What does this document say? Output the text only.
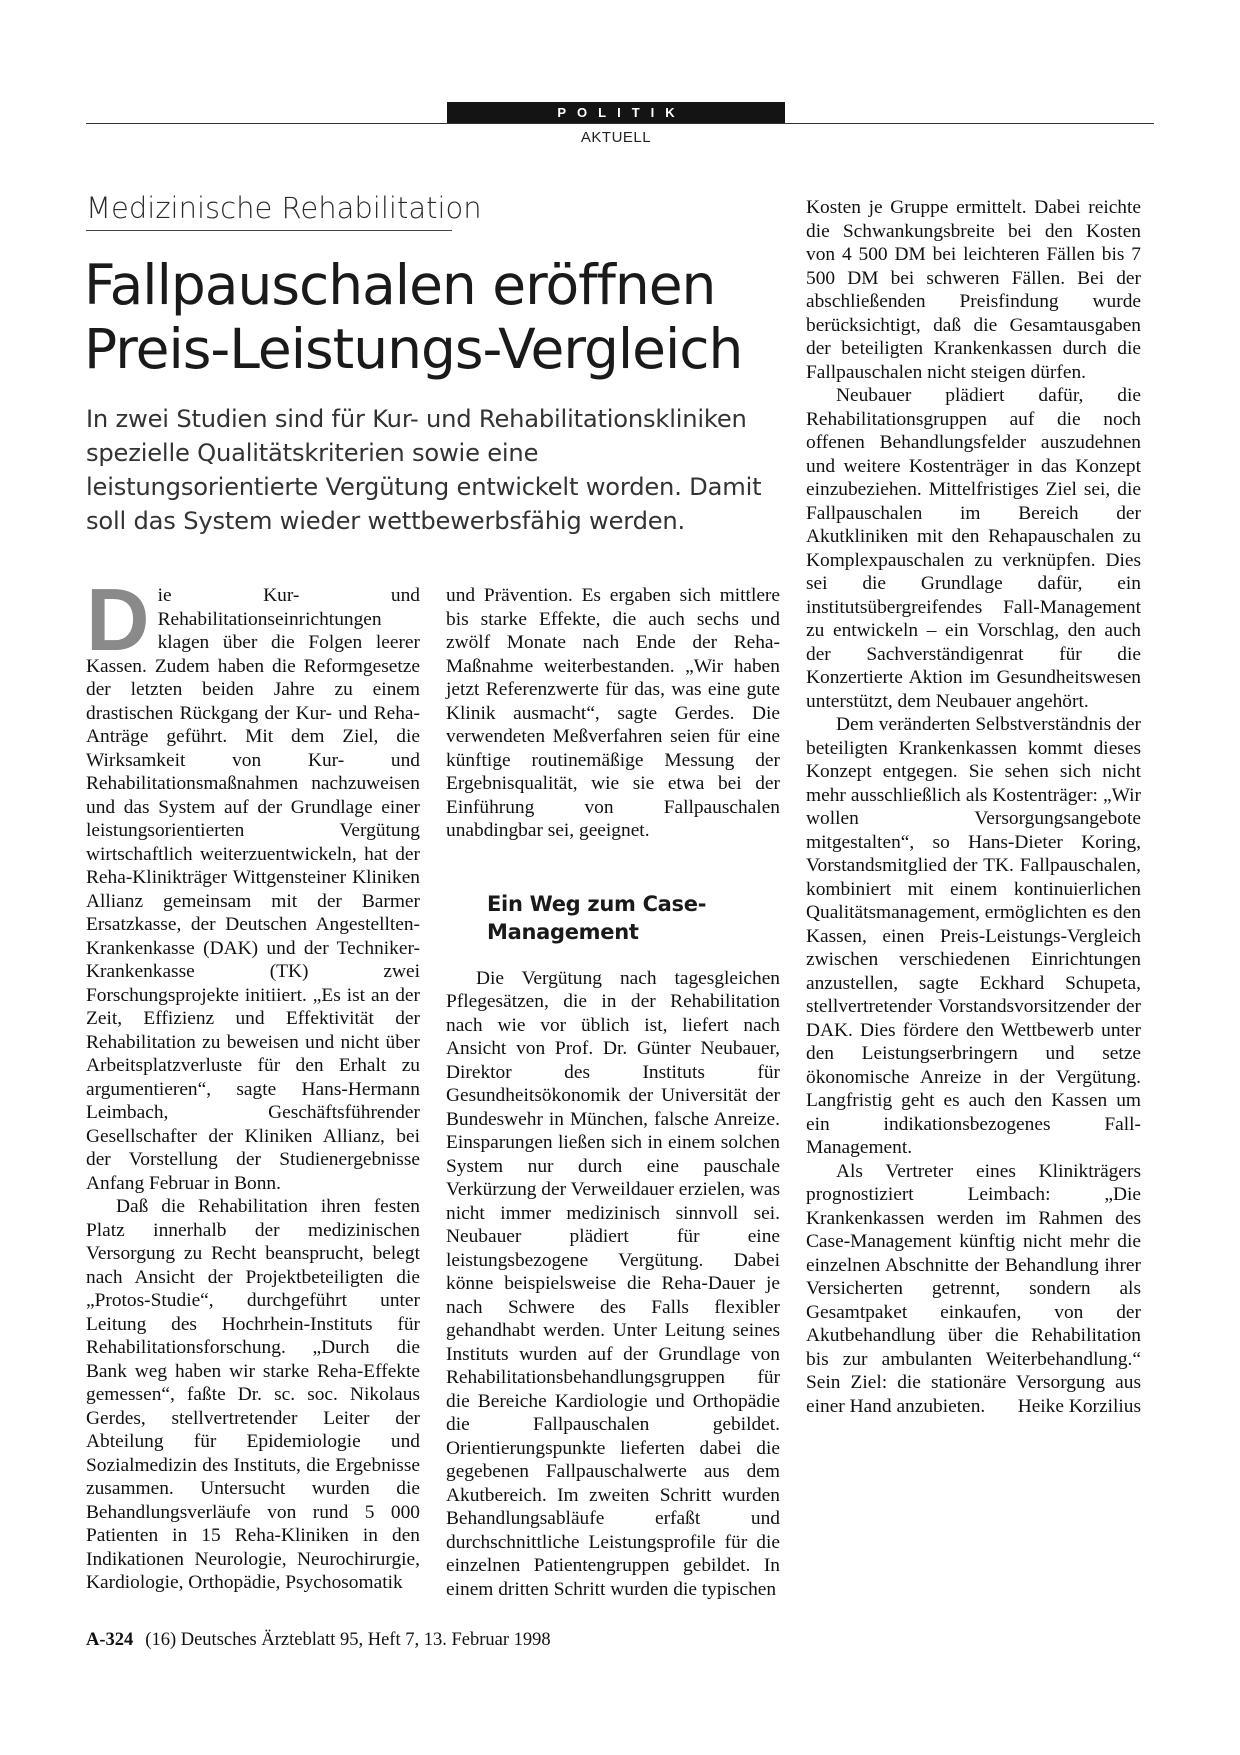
POLITIK
AKTUELL
Medizinische Rehabilitation
Fallpauschalen eröffnen Preis-Leistungs-Vergleich

In zwei Studien sind für Kur- und Rehabilitationskliniken spezielle Qualitätskriterien sowie eine leistungsorientierte Vergütung entwickelt worden. Damit soll das System wieder wettbewerbsfähig werden.

D ie Kur- und Rehabilitationseinrichtungen klagen über die Folgen leerer Kassen. Zudem haben die Reformgesetze der letzten beiden Jahre zu einem drastischen Rückgang der Kur- und Reha-Anträge geführt. Mit dem Ziel, die Wirksamkeit von Kur- und Rehabilitationsmaßnahmen nachzuweisen und das System auf der Grundlage einer leistungsorientierten Vergütung wirtschaftlich weiterzuentwickeln, hat der Reha-Klinikträger Wittgensteiner Kliniken Allianz gemeinsam mit der Barmer Ersatzkasse, der Deutschen Angestellten-Krankenkasse (DAK) und der Techniker-Krankenkasse (TK) zwei Forschungsprojekte initiiert. „Es ist an der Zeit, Effizienz und Effektivität der Rehabilitation zu beweisen und nicht über Arbeitsplatzverluste für den Erhalt zu argumentieren“, sagte Hans-Hermann Leimbach, Geschäftsführender Gesellschafter der Kliniken Allianz, bei der Vorstellung der Studienergebnisse Anfang Februar in Bonn.

Daß die Rehabilitation ihren festen Platz innerhalb der medizinischen Versorgung zu Recht beansprucht, belegt nach Ansicht der Projektbeteiligten die „Protos-Studie“, durchgeführt unter Leitung des Hochrhein-Instituts für Rehabilitationsforschung. „Durch die Bank weg haben wir starke Reha-Effekte gemessen“, faßte Dr. sc. soc. Nikolaus Gerdes, stellvertretender Leiter der Abteilung für Epidemiologie und Sozialmedizin des Instituts, die Ergebnisse zusammen. Untersucht wurden die Behandlungsverläufe von rund 5 000 Patienten in 15 Reha-Kliniken in den Indikationen Neurologie, Neurochirurgie, Kardiologie, Orthopädie, Psychosomatik

und Prävention. Es ergaben sich mittlere bis starke Effekte, die auch sechs und zwölf Monate nach Ende der Reha-Maßnahme weiterbestanden. „Wir haben jetzt Referenzwerte für das, was eine gute Klinik ausmacht“, sagte Gerdes. Die verwendeten Meßverfahren seien für eine künftige routinemäßige Messung der Ergebnisqualität, wie sie etwa bei der Einführung von Fallpauschalen unabdingbar sei, geeignet.

Ein Weg zum Case-Management

Die Vergütung nach tagesgleichen Pflegesätzen, die in der Rehabilitation nach wie vor üblich ist, liefert nach Ansicht von Prof. Dr. Günter Neubauer, Direktor des Instituts für Gesundheitsökonomik der Universität der Bundeswehr in München, falsche Anreize. Einsparungen ließen sich in einem solchen System nur durch eine pauschale Verkürzung der Verweildauer erzielen, was nicht immer medizinisch sinnvoll sei. Neubauer plädiert für eine leistungsbezogene Vergütung. Dabei könne beispielsweise die Reha-Dauer je nach Schwere des Falls flexibler gehandhabt werden. Unter Leitung seines Instituts wurden auf der Grundlage von Rehabilitationsbehandlungsgruppen für die Bereiche Kardiologie und Orthopädie die Fallpauschalen gebildet. Orientierungspunkte lieferten dabei die gegebenen Fallpauschalwerte aus dem Akutbereich. Im zweiten Schritt wurden Behandlungsabläufe erfaßt und durchschnittliche Leistungsprofile für die einzelnen Patientengruppen gebildet. In einem dritten Schritt wurden die typischen

Kosten je Gruppe ermittelt. Dabei reichte die Schwankungsbreite bei den Kosten von 4 500 DM bei leichteren Fällen bis 7 500 DM bei schweren Fällen. Bei der abschließenden Preisfindung wurde berücksichtigt, daß die Gesamtausgaben der beteiligten Krankenkassen durch die Fallpauschalen nicht steigen dürfen.

Neubauer plädiert dafür, die Rehabilitationsgruppen auf die noch offenen Behandlungsfelder auszudehnen und weitere Kostenträger in das Konzept einzubeziehen. Mittelfristiges Ziel sei, die Fallpauschalen im Bereich der Akutkliniken mit den Rehapauschalen zu Komplexpauschalen zu verknüpfen. Dies sei die Grundlage dafür, ein institutsübergreifendes Fall-Management zu entwickeln – ein Vorschlag, den auch der Sachverständigenrat für die Konzertierte Aktion im Gesundheitswesen unterstützt, dem Neubauer angehört.

Dem veränderten Selbstverständnis der beteiligten Krankenkassen kommt dieses Konzept entgegen. Sie sehen sich nicht mehr ausschließlich als Kostenträger: „Wir wollen Versorgungsangebote mitgestalten“, so Hans-Dieter Koring, Vorstandsmitglied der TK. Fallpauschalen, kombiniert mit einem kontinuierlichen Qualitätsmanagement, ermöglichten es den Kassen, einen Preis-Leistungs-Vergleich zwischen verschiedenen Einrichtungen anzustellen, sagte Eckhard Schupeta, stellvertretender Vorstandsvorsitzender der DAK. Dies fördere den Wettbewerb unter den Leistungserbringern und setze ökonomische Anreize in der Vergütung. Langfristig geht es auch den Kassen um ein indikationsbezogenes Fall-Management.

Als Vertreter eines Klinikträgers prognostiziert Leimbach: „Die Krankenkassen werden im Rahmen des Case-Management künftig nicht mehr die einzelnen Abschnitte der Behandlung ihrer Versicherten getrennt, sondern als Gesamtpaket einkaufen, von der Akutbehandlung über die Rehabilitation bis zur ambulanten Weiterbehandlung.“ Sein Ziel: die stationäre Versorgung aus einer Hand anzubieten.	Heike Korzilius

A-324 (16) Deutsches Ärzteblatt 95, Heft 7, 13. Februar 1998
